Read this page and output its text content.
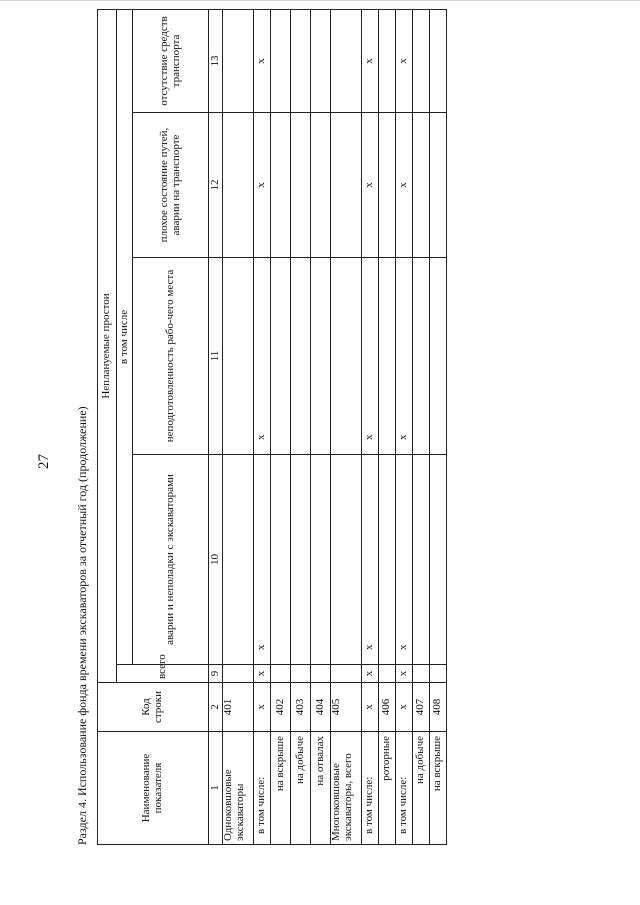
27 Раздел 4. Использование фонда времени экскаваторов за отчетный год (продолжение)	Наименование показателя	Код строки	Неплануемые простои				
		всего	в том числе			
			аварии и неполадки с экскаваторами	неподготовленность рабо-чего места	плохое состояние путей, аварии на транспорте	отсутствие средств транспорта
1	2	9	10	11	12	13
Одноковшовые экскаваторы	401					
в том числе:	х	х	х	х	х	х
на вскрыше	402					
на добыче	403					
на отвалах	404					
Многоковшовые экскаваторы, всего	405					
в том числе:	х	х	х	х	х	х
роторные	406					
в том числе:	х	х	х	х	х	х
на добыче	407					
на вскрыше	408					
